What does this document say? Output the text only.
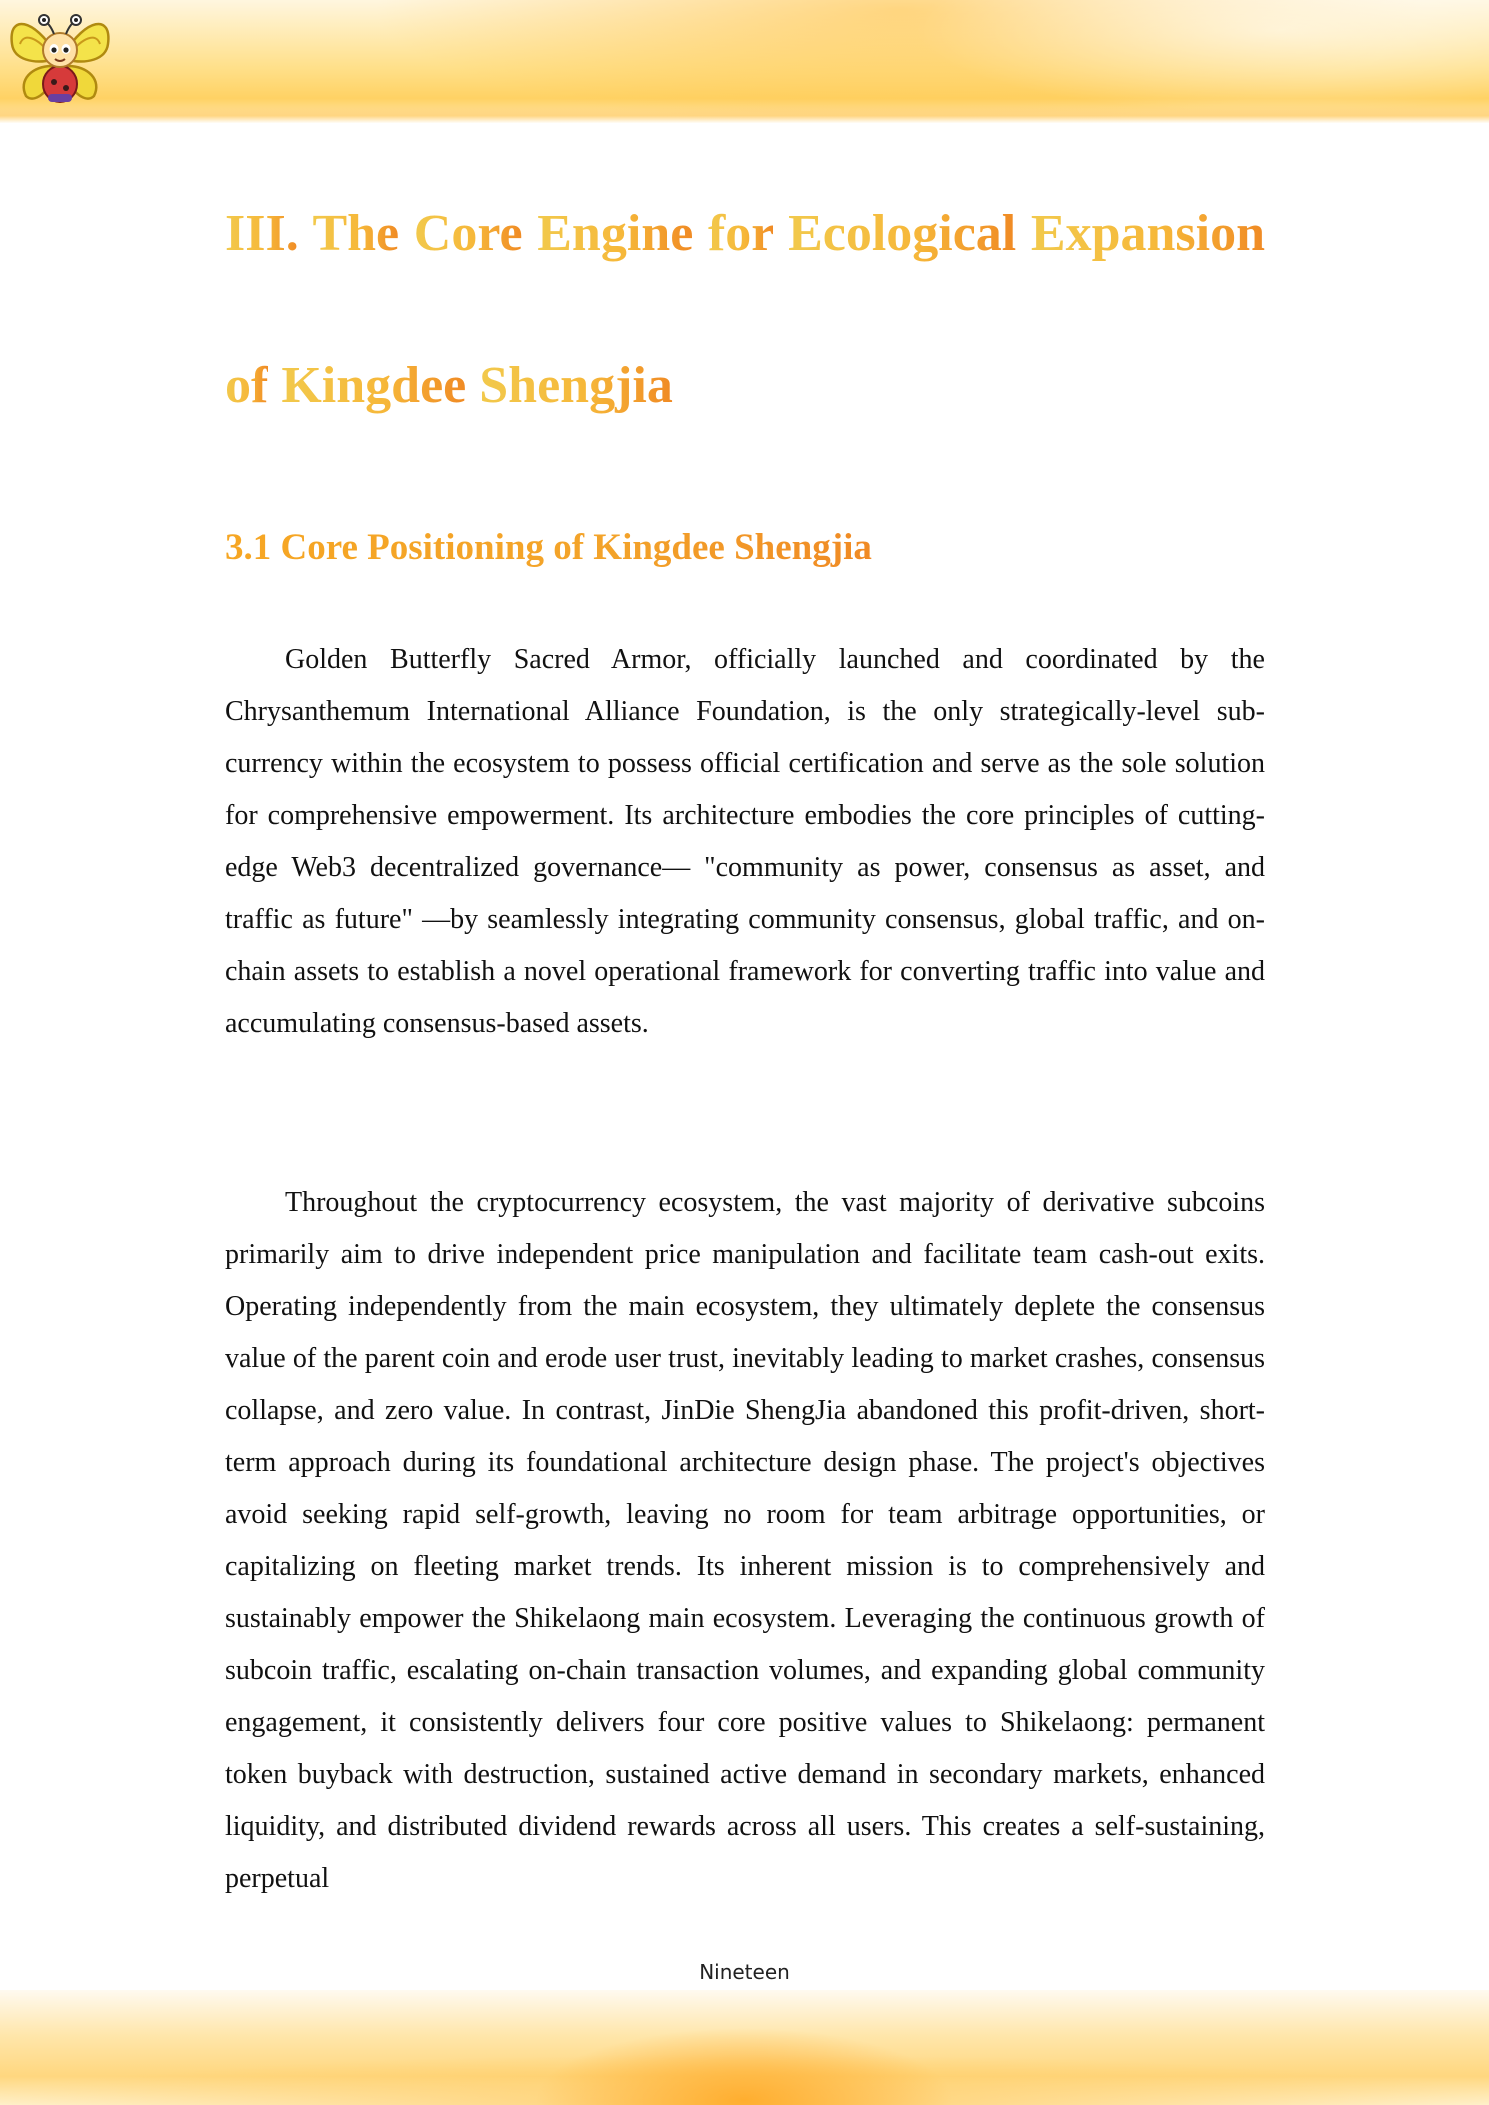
III. The Core Engine for Ecological Expansion of Kingdee Shengjia
3.1 Core Positioning of Kingdee Shengjia

Golden Butterfly Sacred Armor, officially launched and coordinated by the Chrysanthemum International Alliance Foundation, is the only strategically-level sub-currency within the ecosystem to possess official certification and serve as the sole solution for comprehensive empowerment. Its architecture embodies the core principles of cutting-edge Web3 decentralized governance— "community as power, consensus as asset, and traffic as future" —by seamlessly integrating community consensus, global traffic, and on-chain assets to establish a novel operational framework for converting traffic into value and accumulating consensus-based assets.

Throughout the cryptocurrency ecosystem, the vast majority of derivative subcoins primarily aim to drive independent price manipulation and facilitate team cash-out exits. Operating independently from the main ecosystem, they ultimately deplete the consensus value of the parent coin and erode user trust, inevitably leading to market crashes, consensus collapse, and zero value. In contrast, JinDie ShengJia abandoned this profit-driven, short-term approach during its foundational architecture design phase. The project's objectives avoid seeking rapid self-growth, leaving no room for team arbitrage opportunities, or capitalizing on fleeting market trends. Its inherent mission is to comprehensively and sustainably empower the Shikelaong main ecosystem. Leveraging the continuous growth of subcoin traffic, escalating on-chain transaction volumes, and expanding global community engagement, it consistently delivers four core positive values to Shikelaong: permanent token buyback with destruction, sustained active demand in secondary markets, enhanced liquidity, and distributed dividend rewards across all users. This creates a self-sustaining, perpetual

Nineteen
